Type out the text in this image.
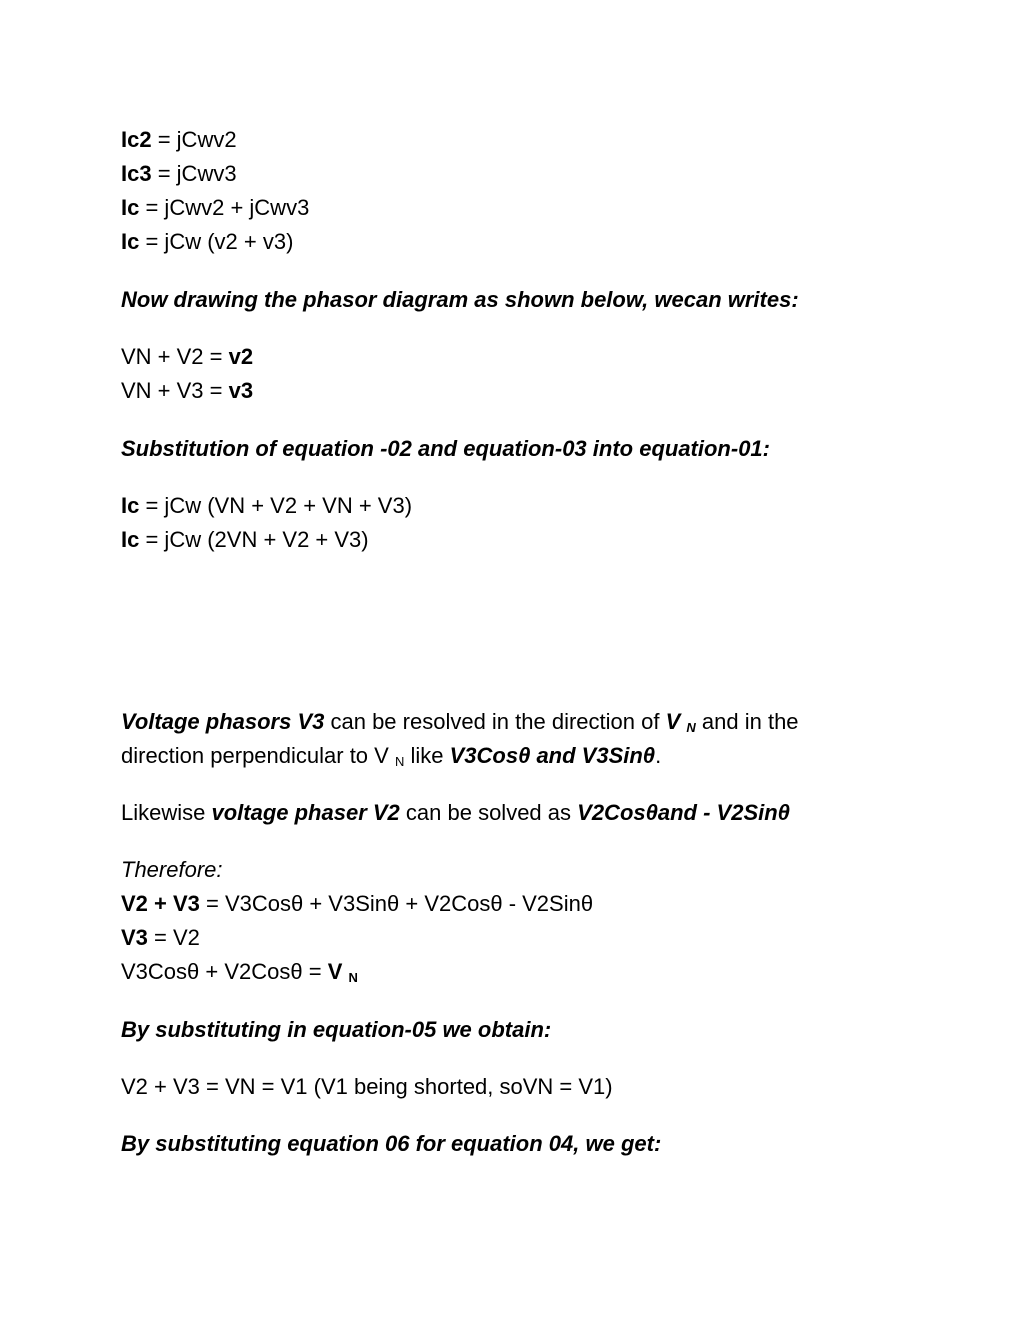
Ic2 = jCwv2
Ic3 = jCwv3
Ic = jCwv2 + jCwv3
Ic = jCw (v2 + v3)
Now drawing the phasor diagram as shown below, wecan writes:
VN + V2 = v2
VN + V3 = v3
Substitution of equation -02 and equation-03 into equation-01:
Ic = jCw (VN + V2 + VN + V3)
Ic = jCw (2VN + V2 + V3)
Voltage phasors V3 can be resolved in the direction of V $_N$ and in the
direction perpendicular to V $_N$ like V3Cosθ and V3Sinθ.
Likewise voltage phaser V2 can be solved as V2Cosθand - V2Sinθ
Therefore:
V2 + V3 = V3Cosθ + V3Sinθ + V2Cosθ - V2Sinθ
V3 = V2
V3Cosθ + V2Cosθ = V $_N$
By substituting in equation-05 we obtain:
V2 + V3 = VN = V1 (V1 being shorted, soVN = V1)
By substituting equation 06 for equation 04, we get:
